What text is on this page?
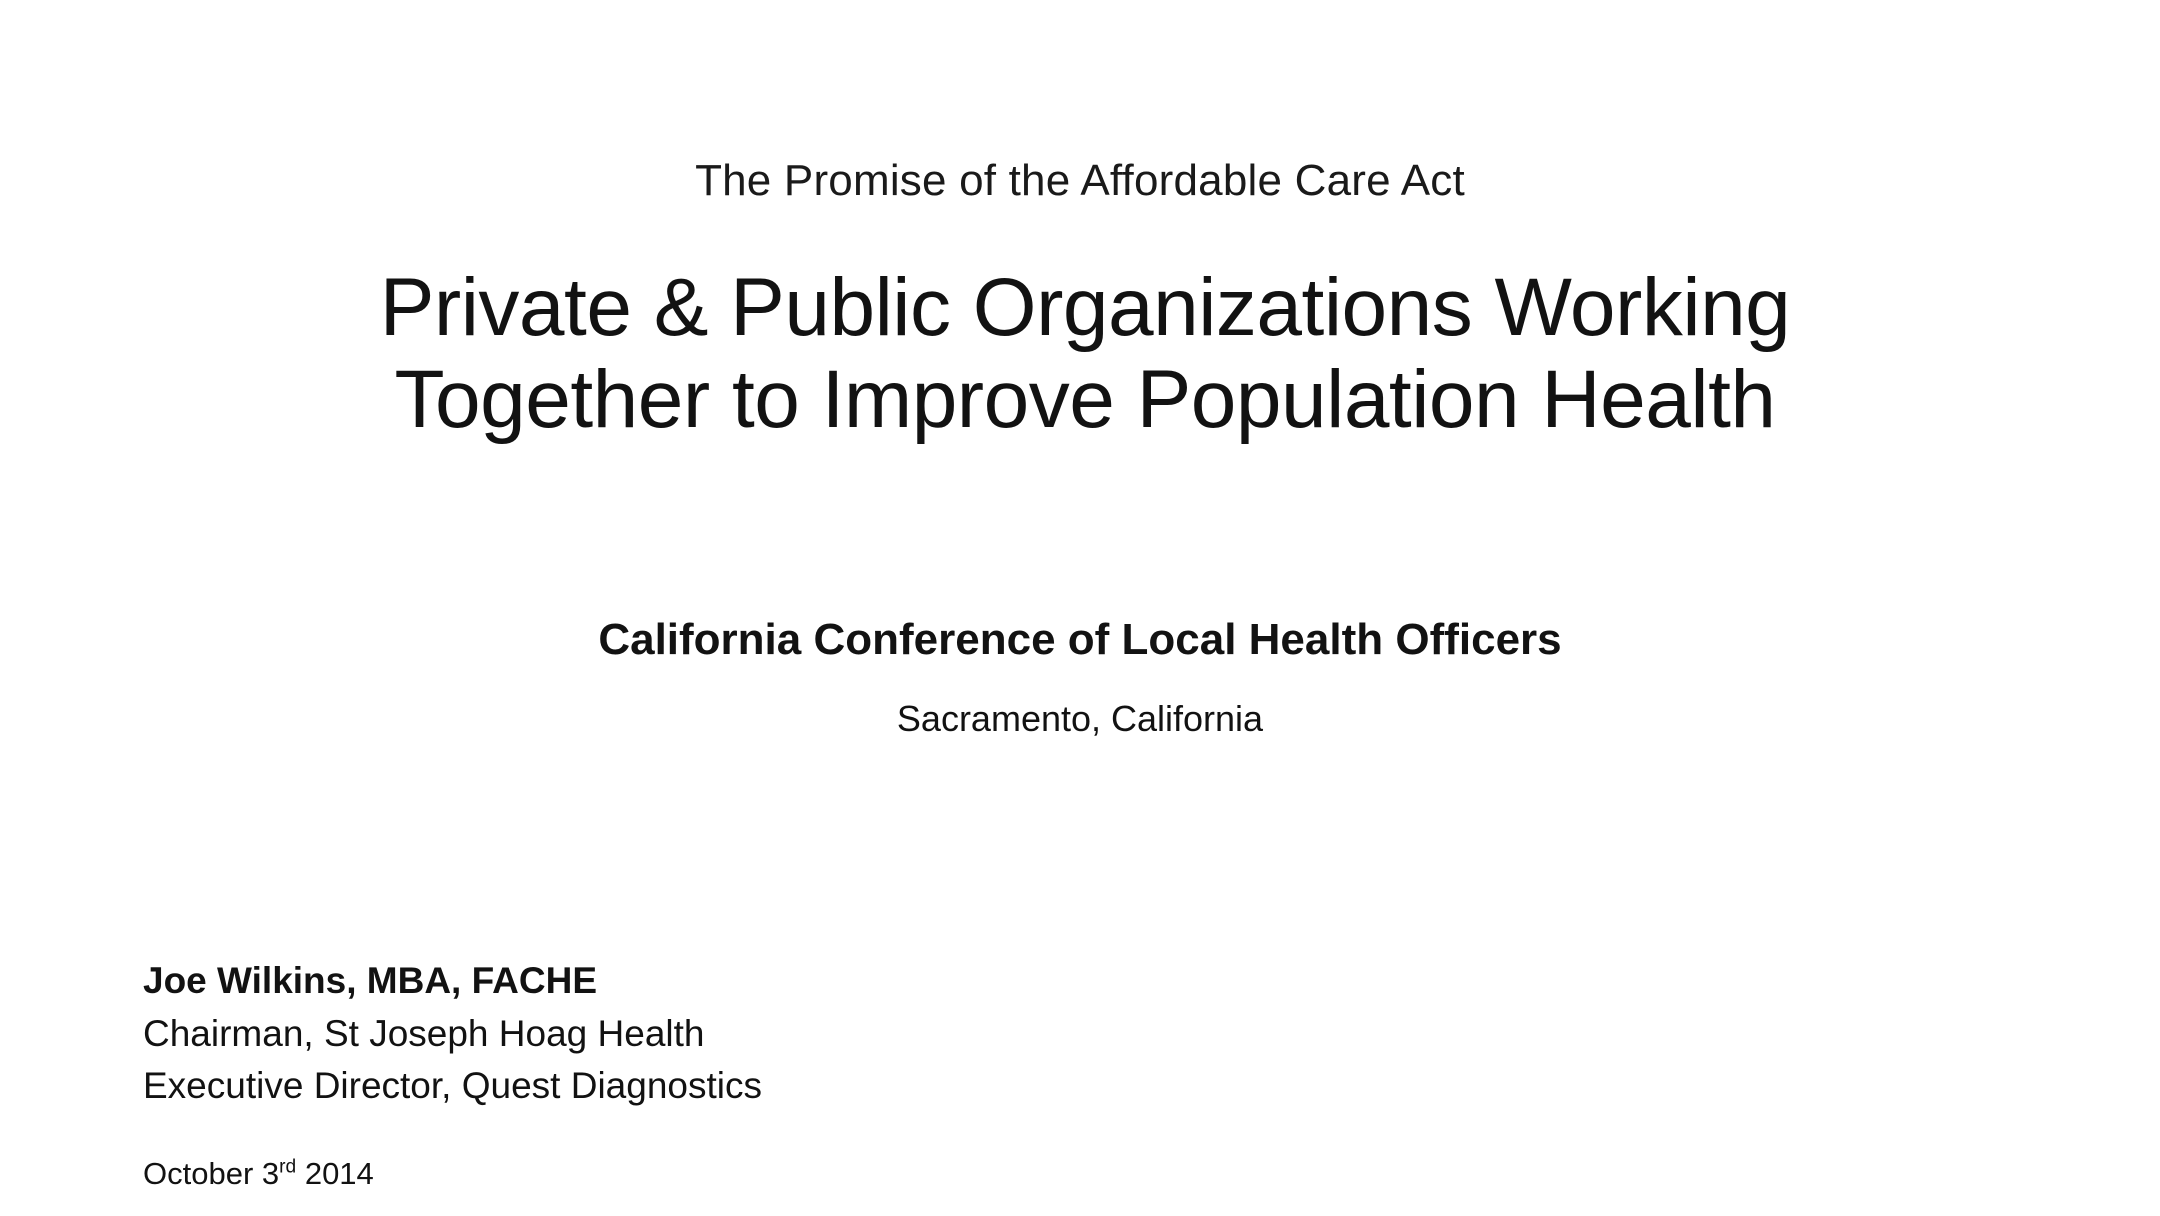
The Promise of the Affordable Care Act
Private & Public Organizations Working
Together to Improve Population Health
California Conference of Local Health Officers
Sacramento, California
Joe Wilkins, MBA, FACHE
Chairman, St Joseph Hoag Health
Executive Director, Quest Diagnostics
October 3rd 2014
